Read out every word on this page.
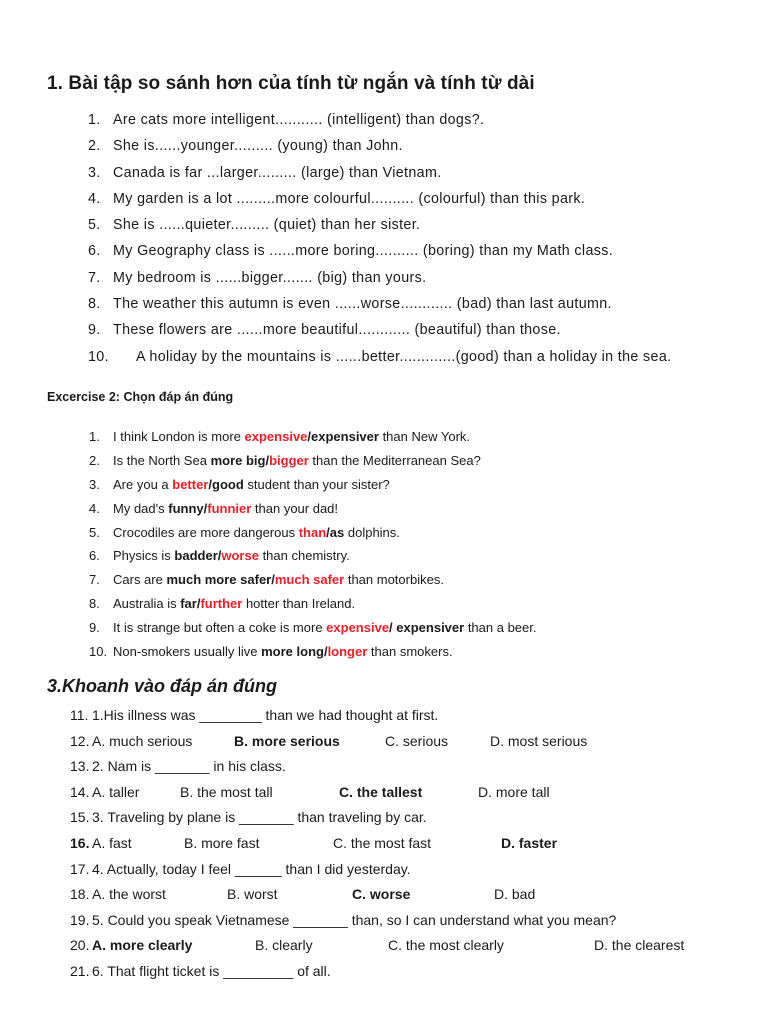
1. Bài tập so sánh hơn của tính từ ngắn và tính từ dài
1. Are cats more intelligent........... (intelligent) than dogs?.
2. She is......younger......... (young) than John.
3. Canada is far ...larger......... (large) than Vietnam.
4. My garden is a lot .........more colourful.......... (colourful) than this park.
5. She is ......quieter......... (quiet) than her sister.
6. My Geography class is ......more boring.......... (boring) than my Math class.
7. My bedroom is ......bigger....... (big) than yours.
8. The weather this autumn is even ......worse............ (bad) than last autumn.
9. These flowers are ......more beautiful............ (beautiful) than those.
10. A holiday by the mountains is ......better.............(good) than a holiday in the sea.
Excercise 2: Chọn đáp án đúng
1. I think London is more expensive/expensiver than New York.
2. Is the North Sea more big/bigger than the Mediterranean Sea?
3. Are you a better/good student than your sister?
4. My dad's funny/funnier than your dad!
5. Crocodiles are more dangerous than/as dolphins.
6. Physics is badder/worse than chemistry.
7. Cars are much more safer/much safer than motorbikes.
8. Australia is far/further hotter than Ireland.
9. It is strange but often a coke is more expensive/ expensiver than a beer.
10. Non-smokers usually live more long/longer than smokers.
3.Khoanh vào đáp án đúng
11. 1.His illness was ________ than we had thought at first.
12. A. much serious	B. more serious	C. serious	D. most serious
13. 2. Nam is _______ in his class.
14. A. taller	B. the most tall	C. the tallest	D. more tall
15. 3. Traveling by plane is _______ than traveling by car.
16. A. fast	B. more fast	C. the most fast	D. faster
17. 4. Actually, today I feel ______ than I did yesterday.
18. A. the worst	B. worst	C. worse	D. bad
19. 5. Could you speak Vietnamese _______ than, so I can understand what you mean?
20. A. more clearly	B. clearly	C. the most clearly	D. the clearest
21. 6. That flight ticket is _________ of all.
